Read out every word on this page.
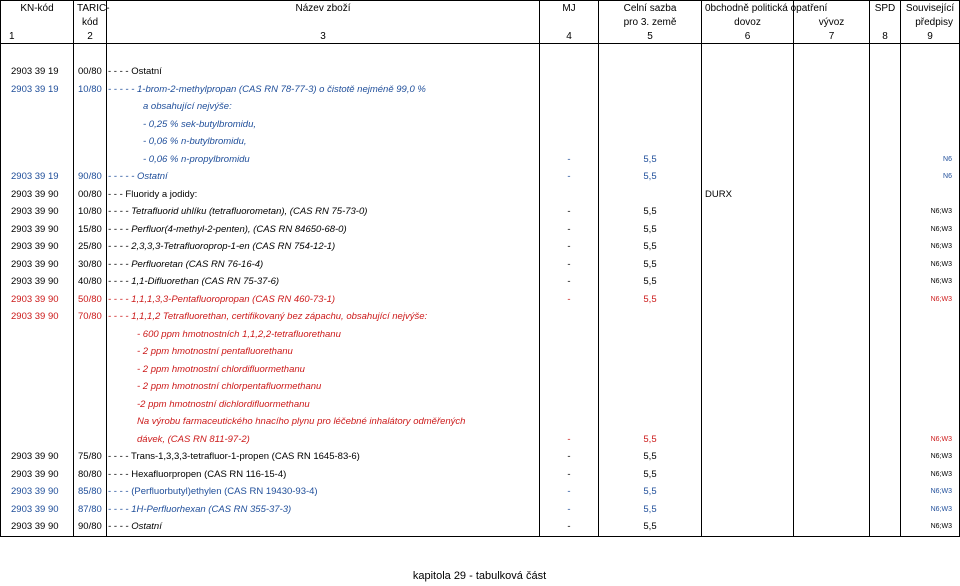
KN-kód	TARIC-	Název zboží	MJ	Celní sazba	0bchodně politická opatření		SPD	Související
	kód			pro 3. země	dovoz	vývoz		předpisy
1	2	3	4	5	6	7	8	9

2903 39 19	00/80	- - - - Ostatní						
2903 39 19	10/80	- - - - - 1-brom-2-methylpropan (CAS RN 78-77-3) o čistotě nejméně 99,0 %						
		a obsahující nejvýše:						
		- 0,25 % sek-butylbromidu,						
		- 0,06 % n-butylbromidu,						
		- 0,06 % n-propylbromidu	-	5,5				N6
2903 39 19	90/80	- - - - - Ostatní	-	5,5				N6
2903 39 90	00/80	- - - Fluoridy a jodidy:			DURX			
2903 39 90	10/80	- - - - Tetrafluorid uhlíku (tetrafluorometan), (CAS RN 75-73-0)	-	5,5				N6;W3
2903 39 90	15/80	- - - - Perfluor(4-methyl-2-penten), (CAS RN 84650-68-0)	-	5,5				N6;W3
2903 39 90	25/80	- - - - 2,3,3,3-Tetrafluoroprop-1-en (CAS RN 754-12-1)	-	5,5				N6;W3
2903 39 90	30/80	- - - - Perfluoretan (CAS RN 76-16-4)	-	5,5				N6;W3
2903 39 90	40/80	- - - - 1,1-Difluorethan (CAS RN 75-37-6)	-	5,5				N6;W3
2903 39 90	50/80	- - - - 1,1,1,3,3-Pentafluoropropan (CAS RN 460-73-1)	-	5,5				N6;W3
2903 39 90	70/80	- - - - 1,1,1,2 Tetrafluorethan, certifikovaný bez zápachu, obsahující nejvýše:						
		- 600 ppm hmotnostních 1,1,2,2-tetrafluorethanu						
		- 2 ppm hmotnostní pentafluorethanu						
		- 2 ppm hmotnostní chlordifluormethanu						
		- 2 ppm hmotnostní chlorpentafluormethanu						
		-2 ppm hmotnostní dichlordifluormethanu						
		Na výrobu farmaceutického hnacího plynu pro léčebné inhalátory odměřených						
		dávek, (CAS RN 811-97-2)	-	5,5				N6;W3
2903 39 90	75/80	- - - - Trans-1,3,3,3-tetrafluor-1-propen (CAS RN 1645-83-6)	-	5,5				N6;W3
2903 39 90	80/80	- - - - Hexafluorpropen (CAS RN 116-15-4)	-	5,5				N6;W3
2903 39 90	85/80	- - - - (Perfluorbutyl)ethylen (CAS RN 19430-93-4)	-	5,5				N6;W3
2903 39 90	87/80	- - - - 1H-Perfluorhexan (CAS RN 355-37-3)	-	5,5				N6;W3
2903 39 90	90/80	- - - - Ostatní	-	5,5				N6;W3
kapitola 29 - tabulková část
